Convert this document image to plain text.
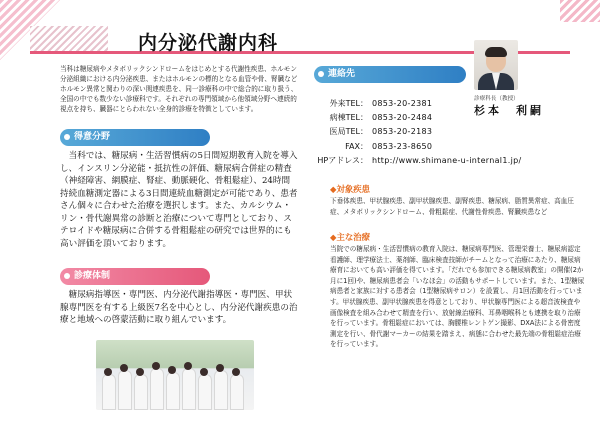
内分泌代謝内科
当科は糖尿病やメタボリックシンドロームをはじめとする代謝性疾患、ホルモン分泌組織における内分泌疾患、またはホルモンの標的となる血管や骨、腎臓などホルモン異常と関わりの深い関連疾患を、同一診療科の中で総合的に取り扱う、全国の中でも数少ない診療科です。それぞれの専門領域から他領域分野へ連続的視点を持ち、臓器にとらわれない全身的診療を特徴としています。
得意分野
当科では、糖尿病・生活習慣病の5日間短期教育入院を導入し、インスリン分泌能・抵抗性の評価、糖尿病合併症の精査（神経障害、網膜症、腎症、動脈硬化、骨粗鬆症）、24時間持続血糖測定器による3日間連続血糖測定が可能であり、患者さん個々に合わせた治療を選択します。また、カルシウム・リン・骨代謝異常の診断と治療について専門としており、ステロイドや糖尿病に合併する骨粗鬆症の研究では世界的にも高い評価を頂いております。
診療体制
糖尿病指導医・専門医、内分泌代謝指導医・専門医、甲状腺専門医を有する上級医7名を中心とし、内分泌代謝疾患の治療と地域への啓蒙活動に取り組んでいます。
連絡先
診療科長（教授）
杉本　利嗣
外来TEL： 0853-20-2381
病棟TEL： 0853-20-2484
医局TEL： 0853-20-2183
FAX： 0853-23-8650
HPアドレス： http://www.shimane-u-internal1.jp/
◆対象疾患
下垂体疾患、甲状腺疾患、副甲状腺疾患、副腎疾患、糖尿病、脂質異常症、高血圧症、メタボリックシンドローム、骨粗鬆症、代謝性骨疾患、腎臓疾患など
◆主な治療
当院での糖尿病・生活習慣病の教育入院は、糖尿病専門医、管理栄養士、糖尿病認定看護師、理学療法士、薬剤師、臨床検査技師がチームとなって治療にあたり、糖尿病療育においても高い評価を得ています。「だれでも参加できる糖尿病教室」の開催(2か月に1回)や、糖尿病患者会「いなほ会」の活動もサポートしています。また、1型糖尿病患者と家族に対する患者会（1型糖尿病サロン）を設置し、月1回活動を行っています。甲状腺疾患、副甲状腺疾患を得意としており、甲状腺専門医による超音波検査や画像検査を組み合わせて精査を行い、放射線治療科、耳鼻咽喉科とも連携を取り治療を行っています。骨粗鬆症においては、胸腰椎レントゲン撮影、DXA法による骨密度測定を行い、骨代謝マーカーの結果を踏まえ、病態に合わせた最先端の骨粗鬆症治療を行っています。
